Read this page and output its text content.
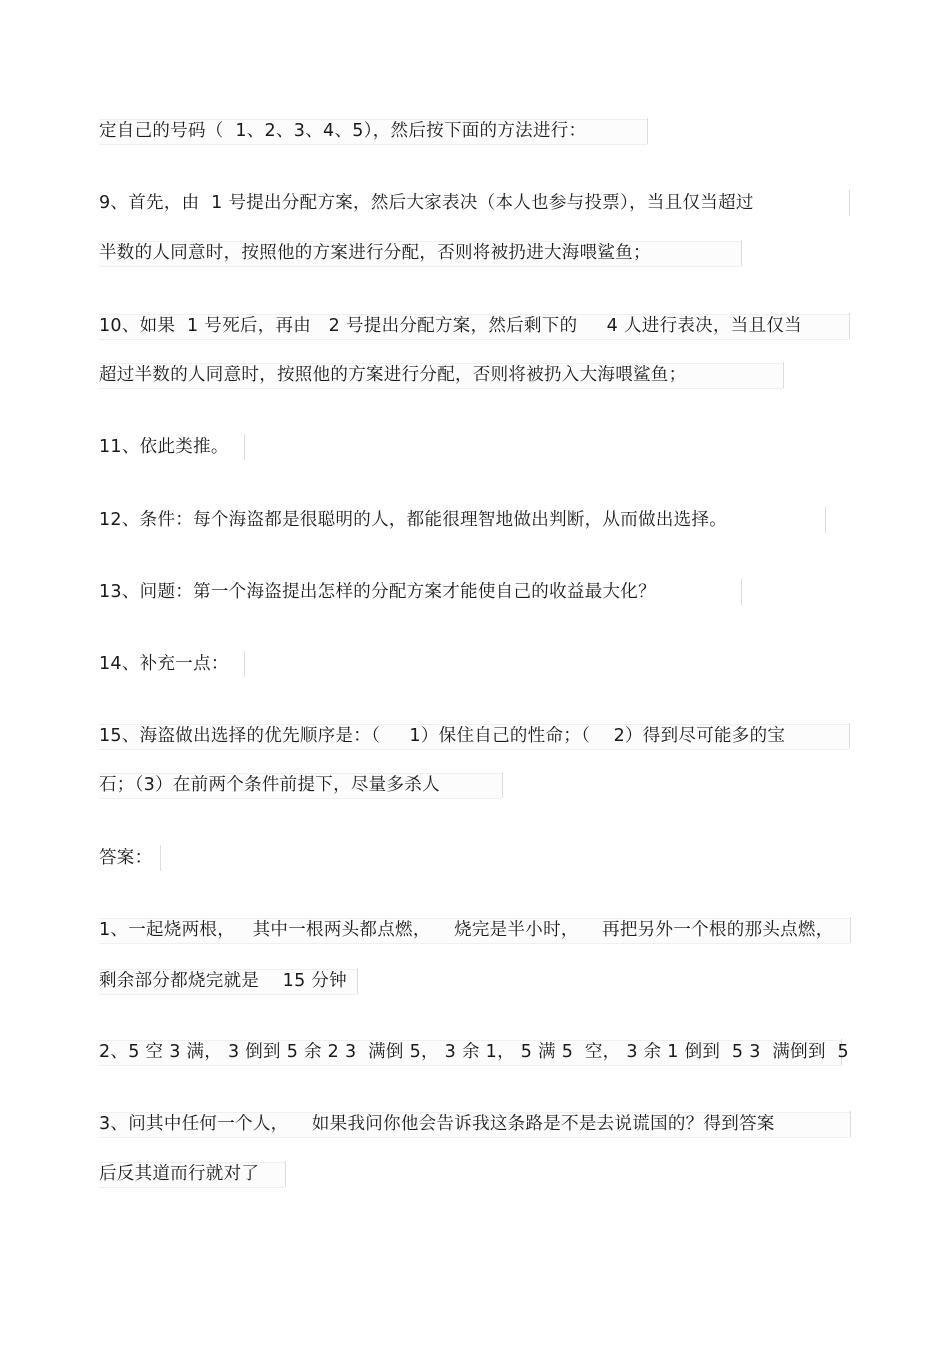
定自己的号码（  1、2、3、4、5），然后按下面的方法进行：
9、首先，由  1 号提出分配方案，然后大家表决（本人也参与投票），当且仅当超过
半数的人同意时，按照他的方案进行分配，否则将被扔进大海喂鲨鱼；
10、如果  1 号死后，再由   2 号提出分配方案，然后剩下的     4 人进行表决，当且仅当
超过半数的人同意时，按照他的方案进行分配，否则将被扔入大海喂鲨鱼；
11、依此类推。
12、条件：每个海盗都是很聪明的人，都能很理智地做出判断，从而做出选择。
13、问题：第一个海盗提出怎样的分配方案才能使自己的收益最大化？
14、补充一点：
15、海盗做出选择的优先顺序是：（     1）保住自己的性命；（    2）得到尽可能多的宝
石；（3）在前两个条件前提下，尽量多杀人
答案：
1、一起烧两根，   其中一根两头都点燃，    烧完是半小时，    再把另外一个根的那头点燃，
剩余部分都烧完就是    15 分钟
2、5 空 3 满， 3 倒到 5 余 2 3  满倒 5， 3 余 1， 5 满 5  空， 3 余 1 倒到  5 3  满倒到  5
3、问其中任何一个人，    如果我问你他会告诉我这条路是不是去说谎国的？得到答案
后反其道而行就对了
